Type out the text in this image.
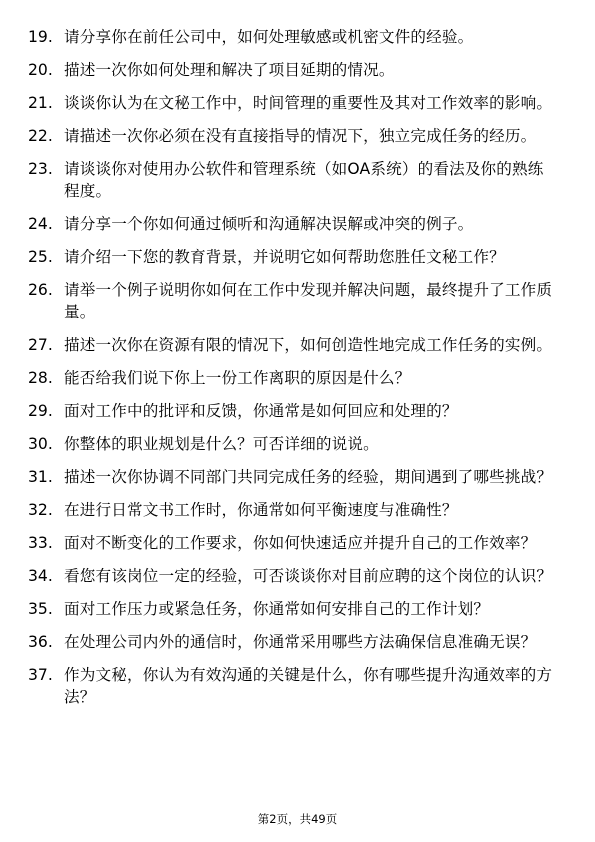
19. 请分享你在前任公司中，如何处理敏感或机密文件的经验。
20. 描述一次你如何处理和解决了项目延期的情况。
21. 谈谈你认为在文秘工作中，时间管理的重要性及其对工作效率的影响。
22. 请描述一次你必须在没有直接指导的情况下，独立完成任务的经历。
23. 请谈谈你对使用办公软件和管理系统（如OA系统）的看法及你的熟练程度。
24. 请分享一个你如何通过倾听和沟通解决误解或冲突的例子。
25. 请介绍一下您的教育背景，并说明它如何帮助您胜任文秘工作？
26. 请举一个例子说明你如何在工作中发现并解决问题，最终提升了工作质量。
27. 描述一次你在资源有限的情况下，如何创造性地完成工作任务的实例。
28. 能否给我们说下你上一份工作离职的原因是什么？
29. 面对工作中的批评和反馈，你通常是如何回应和处理的？
30. 你整体的职业规划是什么？可否详细的说说。
31. 描述一次你协调不同部门共同完成任务的经验，期间遇到了哪些挑战？
32. 在进行日常文书工作时，你通常如何平衡速度与准确性？
33. 面对不断变化的工作要求，你如何快速适应并提升自己的工作效率？
34. 看您有该岗位一定的经验，可否谈谈你对目前应聘的这个岗位的认识？
35. 面对工作压力或紧急任务，你通常如何安排自己的工作计划？
36. 在处理公司内外的通信时，你通常采用哪些方法确保信息准确无误？
37. 作为文秘，你认为有效沟通的关键是什么，你有哪些提升沟通效率的方法？
第2页，共49页
